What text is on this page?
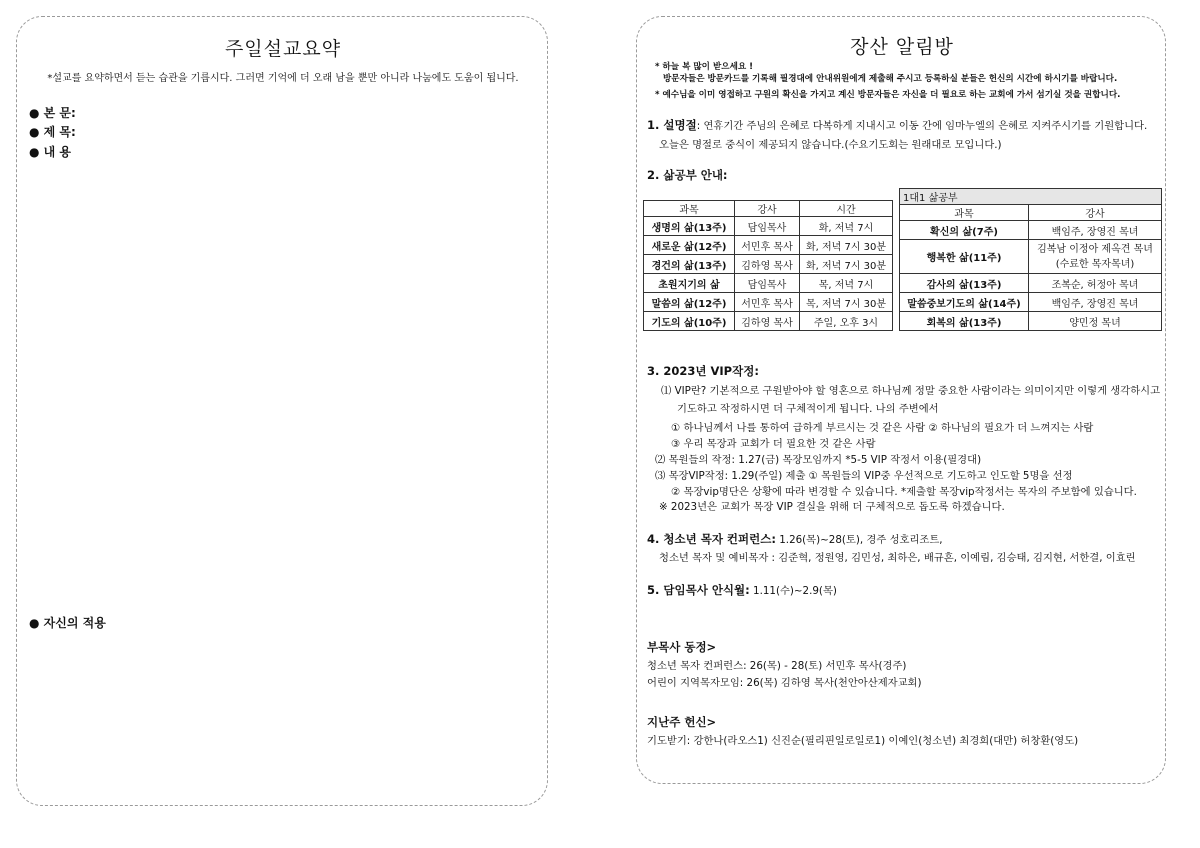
주일설교요약
*설교를 요약하면서 듣는 습관을 기릅시다. 그러면 기억에 더 오래 남을 뿐만 아니라 나눔에도 도움이 됩니다.
● 본 문:
● 제 목:
● 내 용
● 자신의 적용
장산 알림방
* 하늘 복 많이 받으세요 !
방문자들은 방문카드를 기록해 필경대에 안내위원에게 제출해 주시고 등록하실 분들은 헌신의 시간에 하시기를 바랍니다.
* 예수님을 이미 영접하고 구원의 확신을 가지고 계신 방문자들은 자신을 더 필요로 하는 교회에 가서 섬기실 것을 권합니다.
1. 설명절: 연휴기간 주님의 은혜로 다복하게 지내시고 이동 간에 임마누엘의 은혜로 지켜주시기를 기원합니다.
오늘은 명절로 중식이 제공되지 않습니다.(수요기도회는 원래대로 모입니다.)
2. 삶공부 안내:
과목	강사	시간
생명의 삶(13주)	담임목사	화, 저녁 7시
새로운 삶(12주)	서민후 목사	화, 저녁 7시 30분
경건의 삶(13주)	김하영 목사	화, 저녁 7시 30분
초원지기의 삶	담임목사	목, 저녁 7시
말씀의 삶(12주)	서민후 목사	목, 저녁 7시 30분
기도의 삶(10주)	김하영 목사	주일, 오후 3시
1대1 삶공부	
과목	강사
확신의 삶(7주)	백임주, 장영진 목녀
행복한 삶(11주)	김복남 이정아 제옥견 목녀
(수료한 목자목녀)
감사의 삶(13주)	조복순, 허정아 목녀
말씀중보기도의 삶(14주)	백임주, 장영진 목녀
회복의 삶(13주)	양민정 목녀
3. 2023년 VIP작정:
⑴ VIP란? 기본적으로 구원받아야 할 영혼으로 하나님께 정말 중요한 사람이라는 의미이지만 이렇게 생각하시고
기도하고 작정하시면 더 구체적이게 됩니다. 나의 주변에서
① 하나님께서 나를 통하여 급하게 부르시는 것 같은 사람 ② 하나님의 필요가 더 느껴지는 사람
③ 우리 목장과 교회가 더 필요한 것 같은 사람
⑵ 목원들의 작정: 1.27(금) 목장모임까지 *5-5 VIP 작정서 이용(필경대)
⑶ 목장VIP작정: 1.29(주일) 제출 ① 목원들의 VIP중 우선적으로 기도하고 인도할 5명을 선정
② 목장vip명단은 상황에 따라 변경할 수 있습니다. *제출할 목장vip작정서는 목자의 주보함에 있습니다.
※ 2023년은 교회가 목장 VIP 결실을 위해 더 구체적으로 돕도록 하겠습니다.
4. 청소년 목자 컨퍼런스: 1.26(목)~28(토), 경주 성호리조트,
청소년 목자 및 예비목자 : 김준혁, 정원영, 김민성, 최하은, 배규흔, 이예림, 김승태, 김지현, 서한결, 이효린
5. 담임목사 안식월: 1.11(수)~2.9(목)
부목사 동정>
청소년 목자 컨퍼런스: 26(목) - 28(토) 서민후 목사(경주)
어린이 지역목자모임: 26(목) 김하영 목사(천안아산제자교회)
지난주 헌신>
기도받기: 강한나(라오스1) 신진순(필리핀일로일로1) 이예인(청소년) 최경희(대만) 허창환(영도)
